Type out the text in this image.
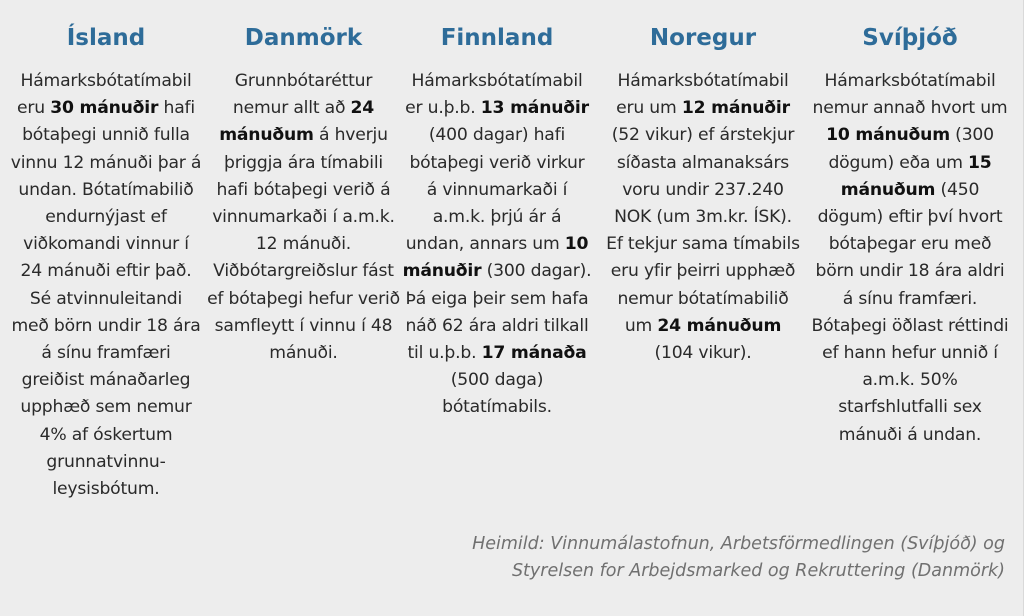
Ísland

Hámarksbótatímabil eru 30 mánuðir hafi bótaþegi unnið fulla vinnu 12 mánuði þar á undan. Bótatímabilið endurnýjast ef viðkomandi vinnur í 24 mánuði eftir það. Sé atvinnuleitandi með börn undir 18 ára á sínu framfæri greiðist mánaðarleg upphæð sem nemur 4% af óskertum grunnatvinnu-leysisbótum.

Danmörk

Grunnbótaréttur nemur allt að 24 mánuðum á hverju þriggja ára tímabili hafi bótaþegi verið á vinnumarkaði í a.m.k. 12 mánuði. Viðbótargreiðslur fást ef bótaþegi hefur verið samfleytt í vinnu í 48 mánuði.

Finnland

Hámarksbótatímabil er u.þ.b. 13 mánuðir (400 dagar) hafi bótaþegi verið virkur á vinnumarkaði í a.m.k. þrjú ár á undan, annars um 10 mánuðir (300 dagar). Þá eiga þeir sem hafa náð 62 ára aldri tilkall til u.þ.b. 17 mánaða (500 daga) bótatímabils.

Noregur

Hámarksbótatímabil eru um 12 mánuðir (52 vikur) ef árstekjur síðasta almanaksárs voru undir 237.240 NOK (um 3m.kr. ÍSK). Ef tekjur sama tímabils eru yfir þeirri upphæð nemur bótatímabilið um 24 mánuðum (104 vikur).

Svíþjóð

Hámarksbótatímabil nemur annað hvort um 10 mánuðum (300 dögum) eða um 15 mánuðum (450 dögum) eftir því hvort bótaþegar eru með börn undir 18 ára aldri á sínu framfæri. Bótaþegi öðlast réttindi ef hann hefur unnið í a.m.k. 50% starfshlutfalli sex mánuði á undan.

Heimild: Vinnumálastofnun, Arbetsförmedlingen (Svíþjóð) og Styrelsen for Arbejdsmarked og Rekruttering (Danmörk)
